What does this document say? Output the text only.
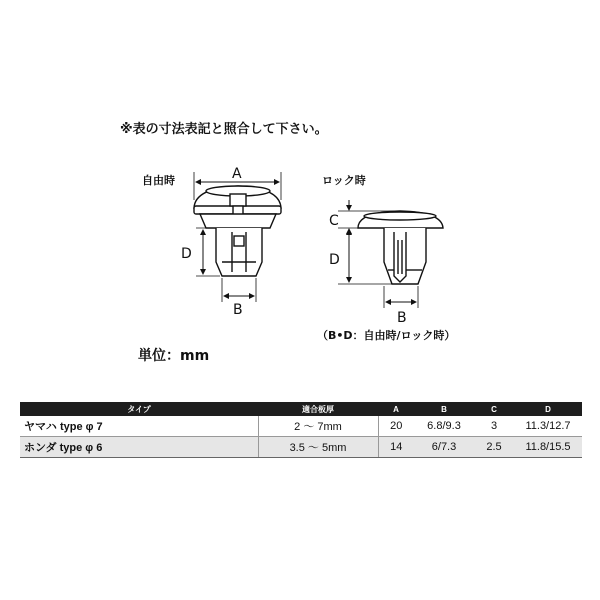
※表の寸法表記と照合して下さい。
自由時	ロック時
（B•D：自由時/ロック時）
単位：mm
A
D
B
C
D
B
タイプ	適合板厚	A	B	C	D
ヤマハ type φ 7	2 ～ 7mm	20	6.8/9.3	3	11.3/12.7
ホンダ type φ 6	3.5 ～ 5mm	14	6/7.3	2.5	11.8/15.5
